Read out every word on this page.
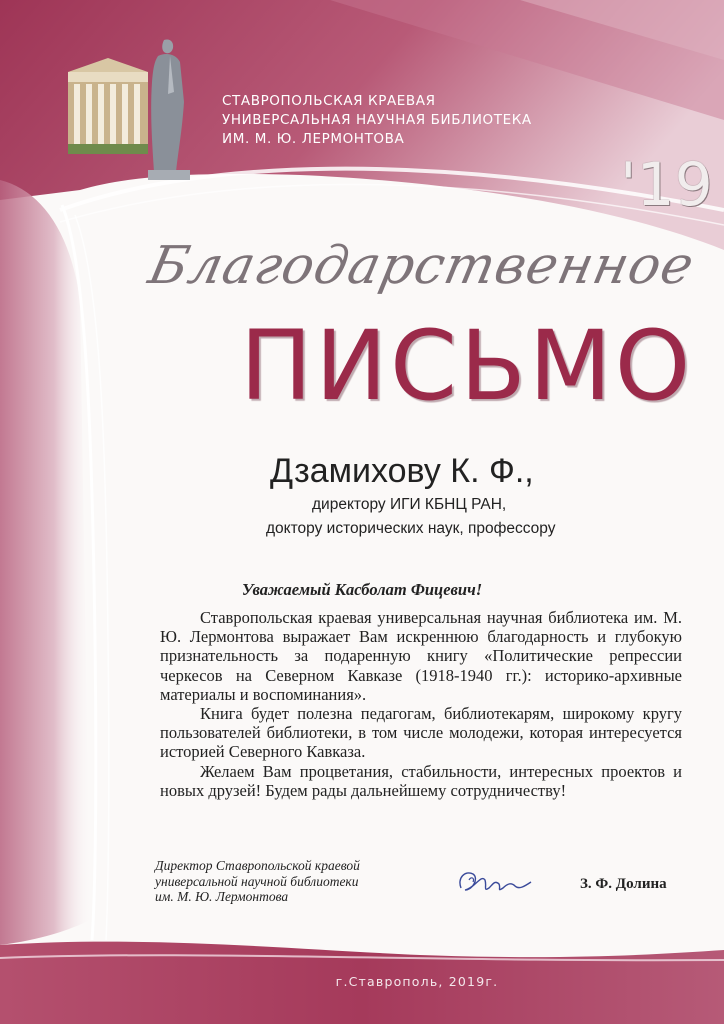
СТАВРОПОЛЬСКАЯ КРАЕВАЯ
УНИВЕРСАЛЬНАЯ НАУЧНАЯ БИБЛИОТЕКА
ИМ. М. Ю. ЛЕРМОНТОВА
'19
Благодарственное
ПИСЬМО
Дзамихову К. Ф.,
директору ИГИ КБНЦ РАН,
доктору исторических наук, профессору
Уважаемый Касболат Фицевич!

Ставропольская краевая универсальная научная библиотека им. М. Ю. Лермонтова выражает Вам искреннюю благодарность и глубокую признательность за подаренную книгу «Политические репрессии черкесов на Северном Кавказе (1918-1940 гг.): историко-архивные материалы и воспоминания».

Книга будет полезна педагогам, библиотекарям, широкому кругу пользователей библиотеки, в том числе молодежи, которая интересуется историей Северного Кавказа.

Желаем Вам процветания, стабильности, интересных проектов и новых друзей! Будем рады дальнейшему сотрудничеству!

Директор Ставропольской краевой
универсальной научной библиотеки
им. М. Ю. Лермонтова
З. Ф. Долина
г.Ставрополь, 2019г.
